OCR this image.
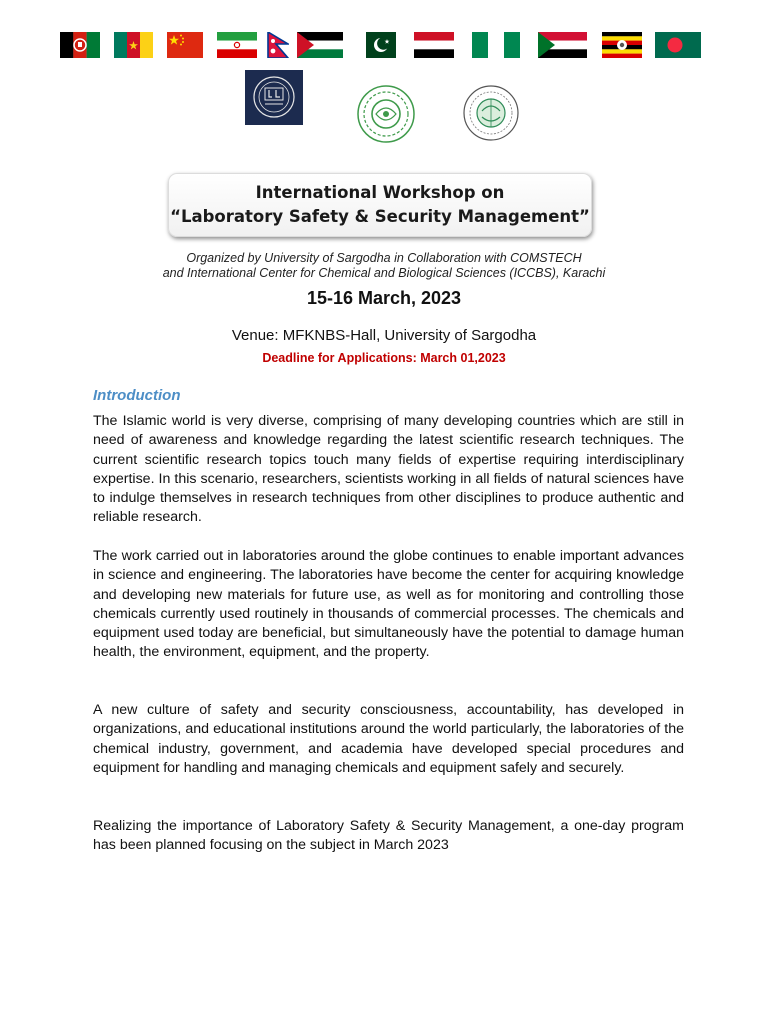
International Workshop on
“Laboratory Safety & Security Management”
Organized by University of Sargodha in Collaboration with COMSTECH
and International Center for Chemical and Biological Sciences (ICCBS), Karachi
15-16 March, 2023
Venue: MFKNBS-Hall, University of Sargodha
Deadline for Applications: March 01,2023
Introduction

The Islamic world is very diverse, comprising of many developing countries which are still in need of awareness and knowledge regarding the latest scientific research techniques. The current scientific research topics touch many fields of expertise requiring interdisciplinary expertise. In this scenario, researchers, scientists working in all fields of natural sciences have to indulge themselves in research techniques from other disciplines to produce authentic and reliable research.

The work carried out in laboratories around the globe continues to enable important advances in science and engineering. The laboratories have become the center for acquiring knowledge and developing new materials for future use, as well as for monitoring and controlling those chemicals currently used routinely in thousands of commercial processes. The chemicals and equipment used today are beneficial, but simultaneously have the potential to damage human health, the environment, equipment, and the property.

A new culture of safety and security consciousness, accountability, has developed in organizations, and educational institutions around the world particularly, the laboratories of the chemical industry, government, and academia have developed special procedures and equipment for handling and managing chemicals and equipment safely and securely.

Realizing the importance of Laboratory Safety & Security Management, a one-day program has been planned focusing on the subject in March 2023
